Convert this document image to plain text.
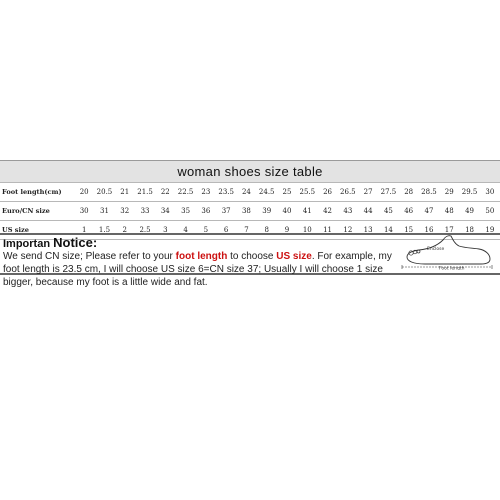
woman shoes size table
Foot length(cm)	20	20.5	21	21.5	22	22.5	23	23.5	24	24.5	25	25.5	26	26.5	27	27.5	28	28.5	29	29.5	30
Euro/CN size	30	31	32	33	34	35	36	37	38	39	40	41	42	43	44	45	46	47	48	49	50
US size	1	1.5	2	2.5	3	4	5	6	7	8	9	10	11	12	13	14	15	16	17	18	19
Importan Notice:
We send CN size; Please refer to your foot length to choose US size. For example, my foot length is 23.5 cm, I will choose US size 6=CN size 37; Usually I will choose 1 size bigger, because my foot is a little wide and fat.
Enclose
Foot length
